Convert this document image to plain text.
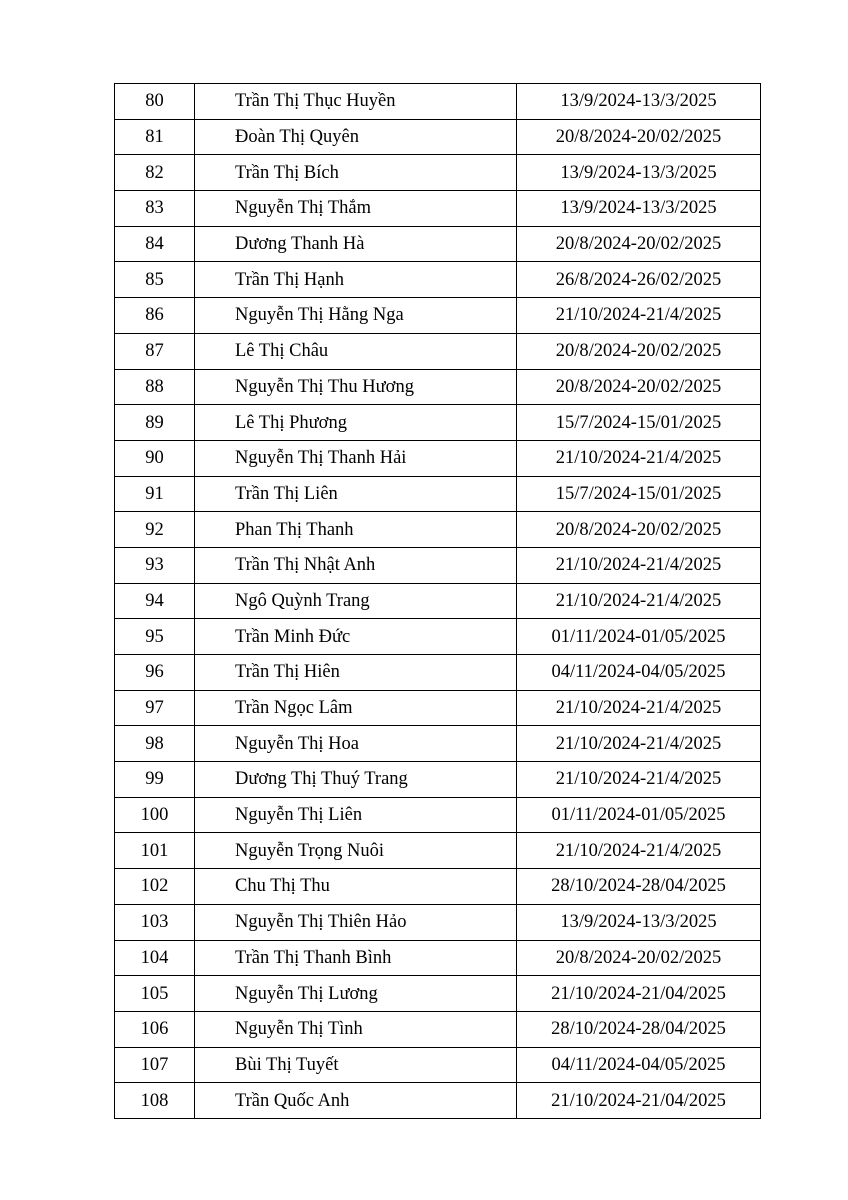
80	Trần Thị Thục Huyền	13/9/2024-13/3/2025
81	Đoàn Thị Quyên	20/8/2024-20/02/2025
82	Trần Thị Bích	13/9/2024-13/3/2025
83	Nguyễn Thị Thắm	13/9/2024-13/3/2025
84	Dương Thanh Hà	20/8/2024-20/02/2025
85	Trần Thị Hạnh	26/8/2024-26/02/2025
86	Nguyễn Thị Hằng Nga	21/10/2024-21/4/2025
87	Lê Thị Châu	20/8/2024-20/02/2025
88	Nguyễn Thị Thu Hương	20/8/2024-20/02/2025
89	Lê Thị Phương	15/7/2024-15/01/2025
90	Nguyễn Thị Thanh Hải	21/10/2024-21/4/2025
91	Trần Thị Liên	15/7/2024-15/01/2025
92	Phan Thị Thanh	20/8/2024-20/02/2025
93	Trần Thị Nhật Anh	21/10/2024-21/4/2025
94	Ngô Quỳnh Trang	21/10/2024-21/4/2025
95	Trần Minh Đức	01/11/2024-01/05/2025
96	Trần Thị Hiên	04/11/2024-04/05/2025
97	Trần Ngọc Lâm	21/10/2024-21/4/2025
98	Nguyễn Thị Hoa	21/10/2024-21/4/2025
99	Dương Thị Thuý Trang	21/10/2024-21/4/2025
100	Nguyễn Thị Liên	01/11/2024-01/05/2025
101	Nguyễn Trọng Nuôi	21/10/2024-21/4/2025
102	Chu Thị Thu	28/10/2024-28/04/2025
103	Nguyễn Thị Thiên Hảo	13/9/2024-13/3/2025
104	Trần Thị Thanh Bình	20/8/2024-20/02/2025
105	Nguyễn Thị Lương	21/10/2024-21/04/2025
106	Nguyễn Thị Tình	28/10/2024-28/04/2025
107	Bùi Thị Tuyết	04/11/2024-04/05/2025
108	Trần Quốc Anh	21/10/2024-21/04/2025
